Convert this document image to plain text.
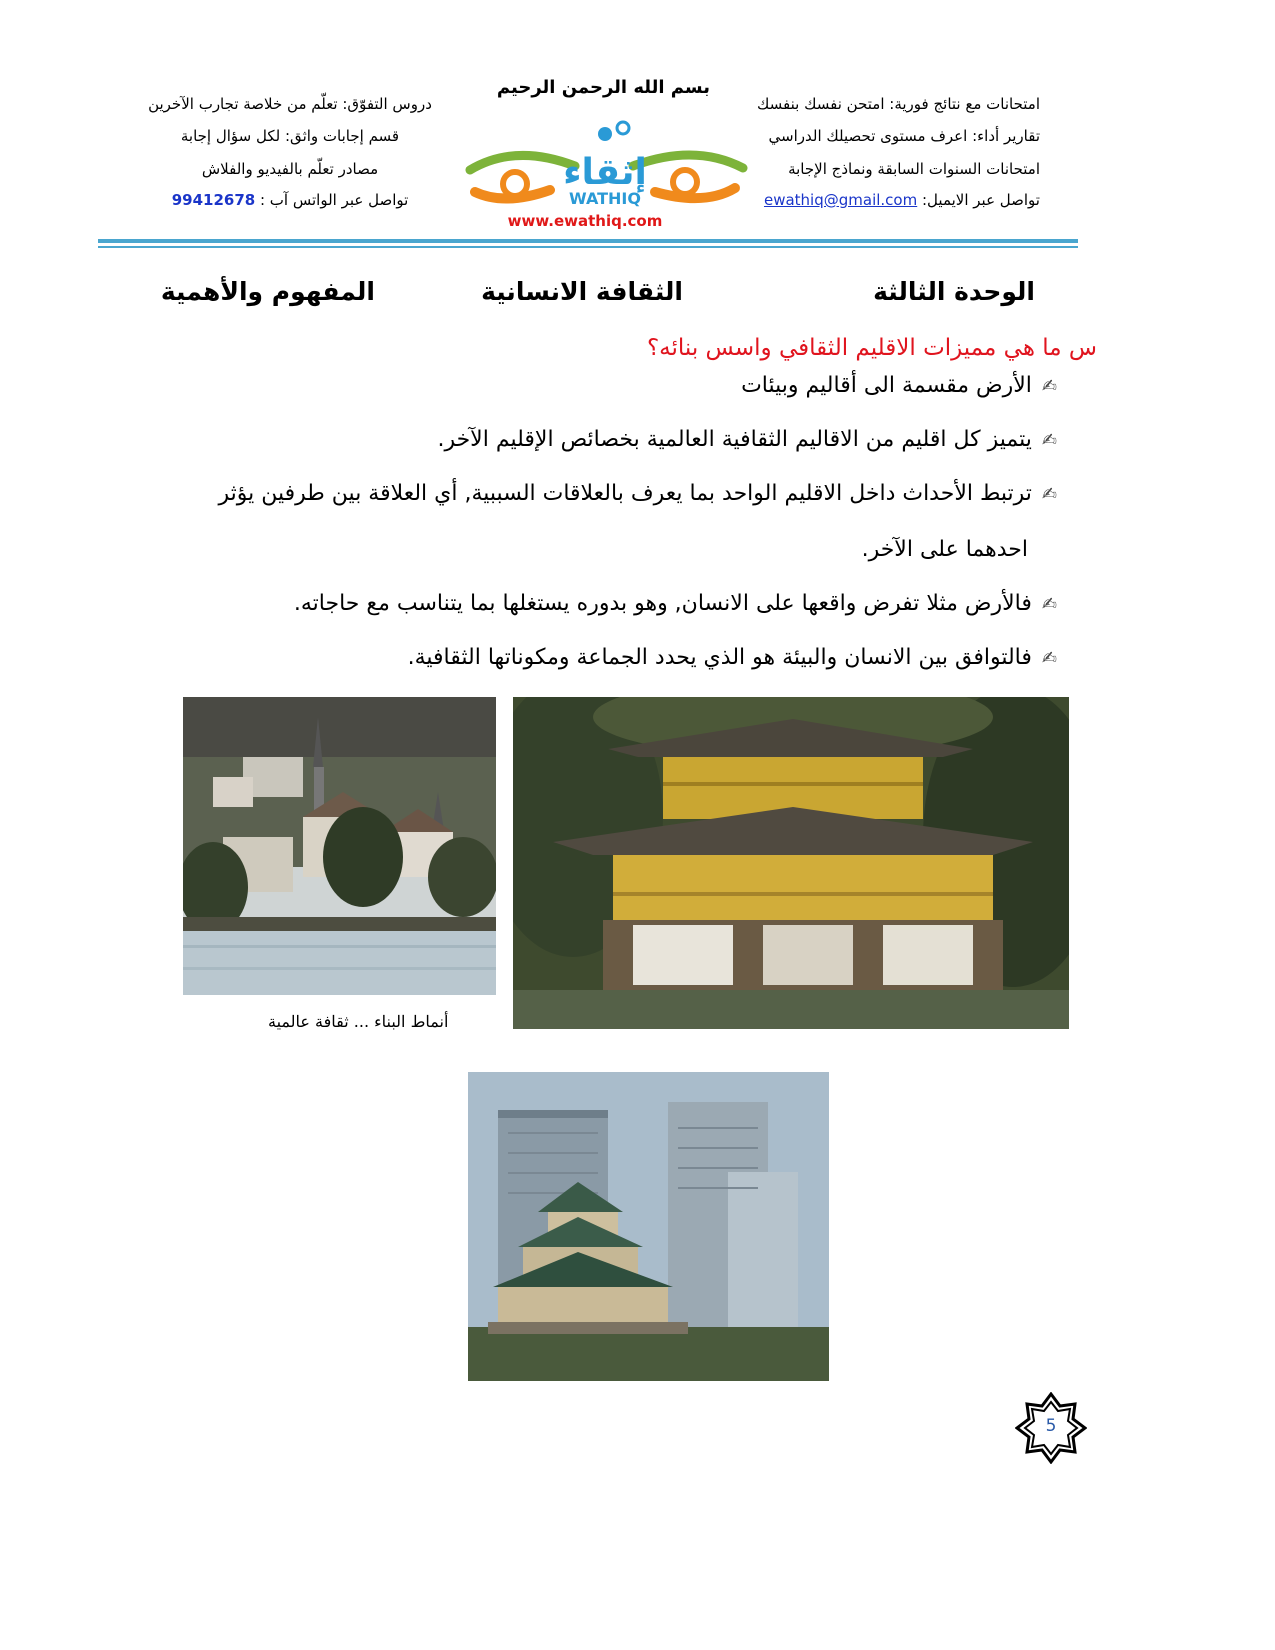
بسم الله الرحمن الرحيم
امتحانات مع نتائج فورية: امتحن نفسك بنفسك
تقارير أداء: اعرف مستوى تحصيلك الدراسي
امتحانات السنوات السابقة ونماذج الإجابة
تواصل عبر الايميل: ewathiq@gmail.com
دروس التفوّق: تعلّم من خلاصة تجارب الآخرين
قسم إجابات واثق: لكل سؤال إجابة
مصادر تعلّم بالفيديو والفلاش
تواصل عبر الواتس آب : 99412678
إثقاء
WATHIQ
www.ewathiq.com
الوحدة الثالثة
الثقافة الانسانية
المفهوم والأهمية
س ما هي مميزات الاقليم الثقافي واسس بنائه؟
✍الأرض مقسمة الى أقاليم وبيئات
✍يتميز كل اقليم من الاقاليم الثقافية العالمية بخصائص الإقليم الآخر.
✍ترتبط الأحداث داخل الاقليم الواحد بما يعرف بالعلاقات السببية, أي العلاقة بين طرفين يؤثر
احدهما على الآخر.
✍فالأرض مثلا تفرض واقعها على الانسان, وهو بدوره يستغلها بما يتناسب مع حاجاته.
✍فالتوافق بين الانسان والبيئة هو الذي يحدد الجماعة ومكوناتها الثقافية.
أنماط البناء ... ثقافة عالمية
5
